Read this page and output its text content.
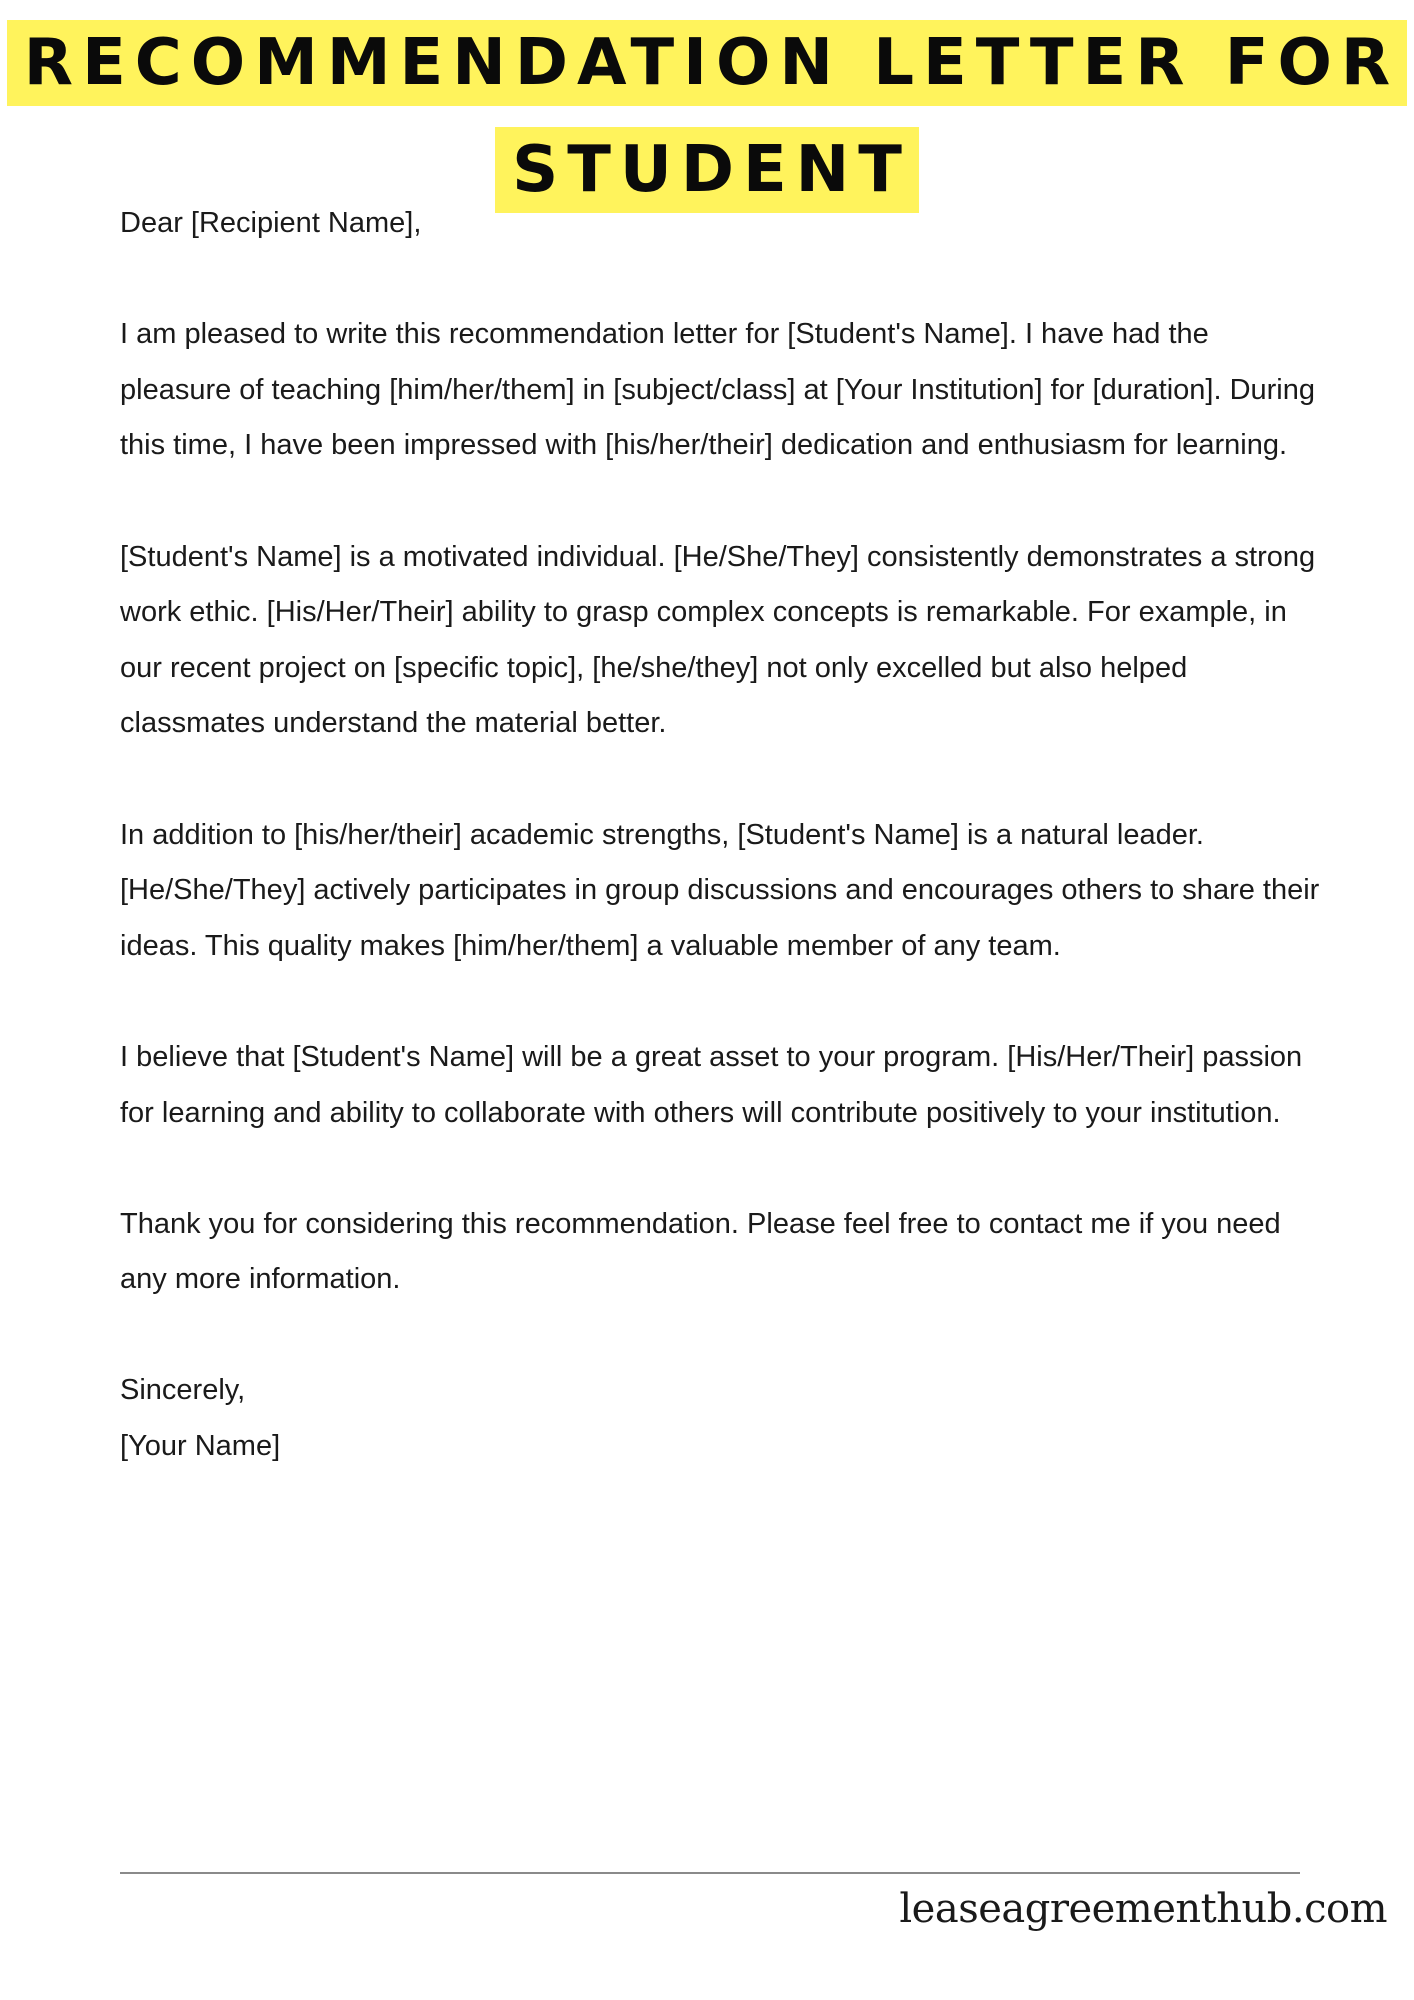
RECOMMENDATION LETTER FOR
STUDENT
Dear [Recipient Name],
I am pleased to write this recommendation letter for [Student's Name]. I have had the pleasure of teaching [him/her/them] in [subject/class] at [Your Institution] for [duration]. During this time, I have been impressed with [his/her/their] dedication and enthusiasm for learning.
[Student's Name] is a motivated individual. [He/She/They] consistently demonstrates a strong work ethic. [His/Her/Their] ability to grasp complex concepts is remarkable. For example, in our recent project on [specific topic], [he/she/they] not only excelled but also helped classmates understand the material better.
In addition to [his/her/their] academic strengths, [Student's Name] is a natural leader. [He/She/They] actively participates in group discussions and encourages others to share their ideas. This quality makes [him/her/them] a valuable member of any team.
I believe that [Student's Name] will be a great asset to your program. [His/Her/Their] passion for learning and ability to collaborate with others will contribute positively to your institution.
Thank you for considering this recommendation. Please feel free to contact me if you need any more information.
Sincerely,
[Your Name]
leaseagreementhub.com
